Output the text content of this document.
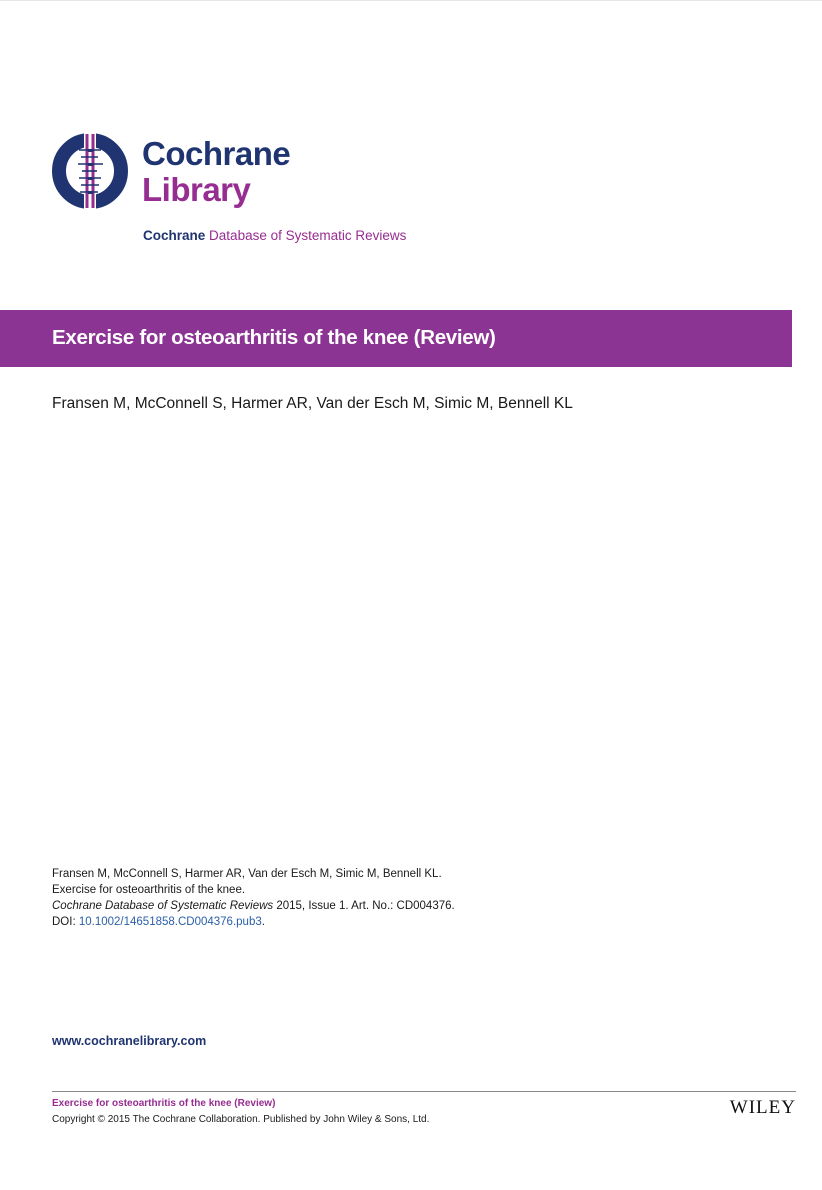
Cochrane
Library
Cochrane Database of Systematic Reviews
Exercise for osteoarthritis of the knee (Review)
Fransen M, McConnell S, Harmer AR, Van der Esch M, Simic M, Bennell KL
Fransen M, McConnell S, Harmer AR, Van der Esch M, Simic M, Bennell KL.
Exercise for osteoarthritis of the knee.
Cochrane Database of Systematic Reviews 2015, Issue 1. Art. No.: CD004376.
DOI: 10.1002/14651858.CD004376.pub3.
www.cochranelibrary.com
Exercise for osteoarthritis of the knee (Review)
Copyright © 2015 The Cochrane Collaboration. Published by John Wiley & Sons, Ltd.
WILEY
